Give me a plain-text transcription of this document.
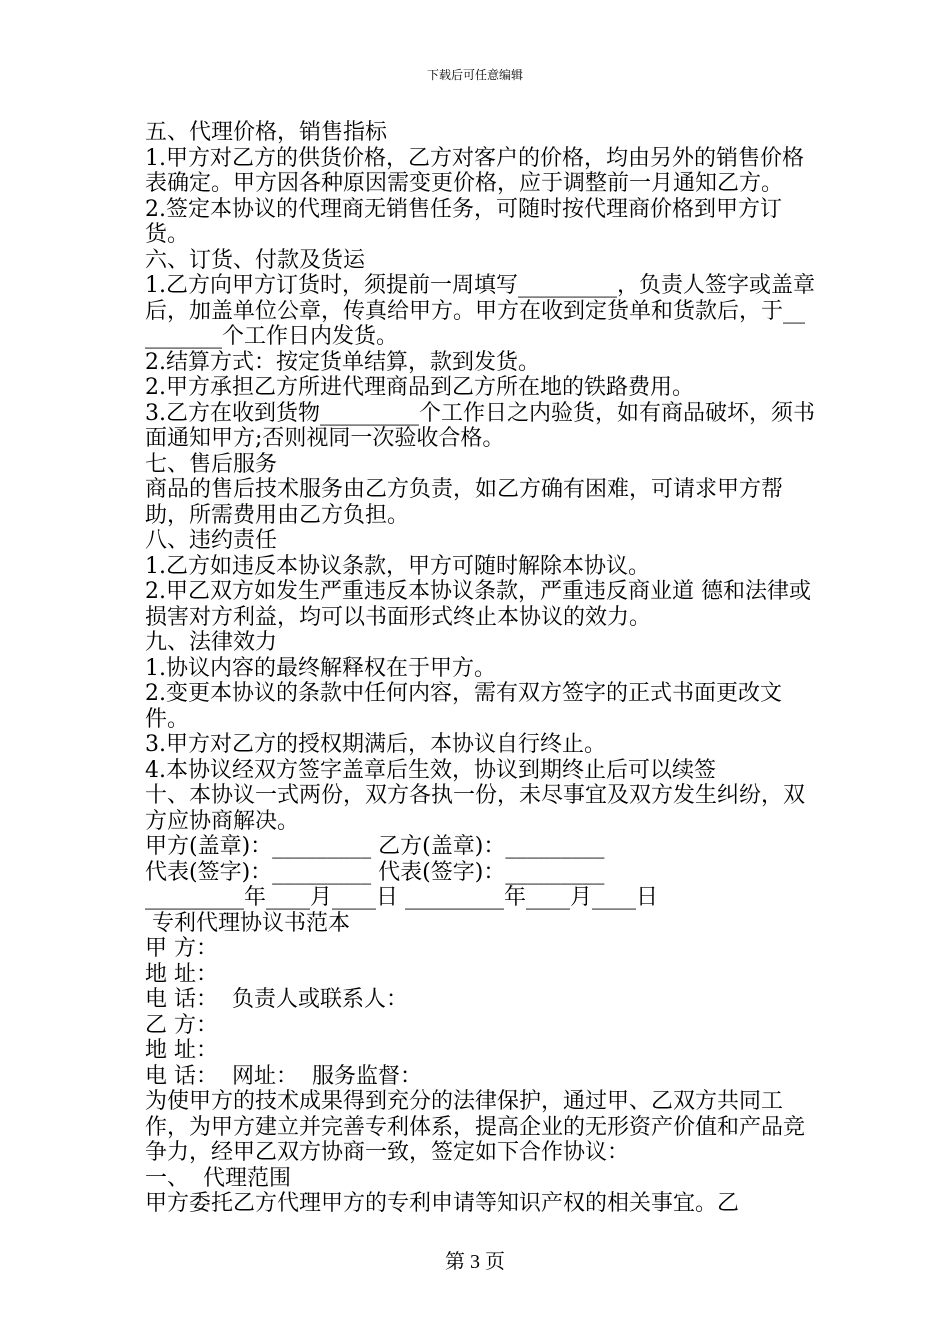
下载后可任意编辑

五、代理价格，销售指标

1.甲方对乙方的供货价格，乙方对客户的价格，均由另外的销售价格表确定。甲方因各种原因需变更价格，应于调整前一月通知乙方。

2.签定本协议的代理商无销售任务，可随时按代理商价格到甲方订货。

六、订货、付款及货运

1.乙方向甲方订货时，须提前一周填写_________，负责人签字或盖章后，加盖单位公章，传真给甲方。甲方在收到定货单和货款后，于_________个工作日内发货。

2.结算方式：按定货单结算，款到发货。

2.甲方承担乙方所进代理商品到乙方所在地的铁路费用。

3.乙方在收到货物_________个工作日之内验货，如有商品破坏，须书面通知甲方;否则视同一次验收合格。

七、售后服务

商品的售后技术服务由乙方负责，如乙方确有困难，可请求甲方帮助，所需费用由乙方负担。

八、违约责任

1.乙方如违反本协议条款，甲方可随时解除本协议。

2.甲乙双方如发生严重违反本协议条款，严重违反商业道 德和法律或损害对方利益，均可以书面形式终止本协议的效力。

九、法律效力

1.协议内容的最终解释权在于甲方。

2.变更本协议的条款中任何内容，需有双方签字的正式书面更改文件。

3.甲方对乙方的授权期满后，本协议自行终止。

4.本协议经双方签字盖章后生效，协议到期终止后可以续签

十、本协议一式两份，双方各执一份，未尽事宜及双方发生纠纷，双方应协商解决。

甲方(盖章)：_________ 乙方(盖章)：_________

代表(签字)：_________ 代表(签字)：_________

_________年____月____日 _________年____月____日

专利代理协议书范本

甲 方：

地 址：

电 话：  负责人或联系人：

乙 方：

地 址：

电 话：  网址：  服务监督：

为使甲方的技术成果得到充分的法律保护，通过甲、乙双方共同工作，为甲方建立并完善专利体系，提高企业的无形资产价值和产品竞争力，经甲乙双方协商一致，签定如下合作协议：

一、  代理范围

甲方委托乙方代理甲方的专利申请等知识产权的相关事宜。乙

第 3 页
